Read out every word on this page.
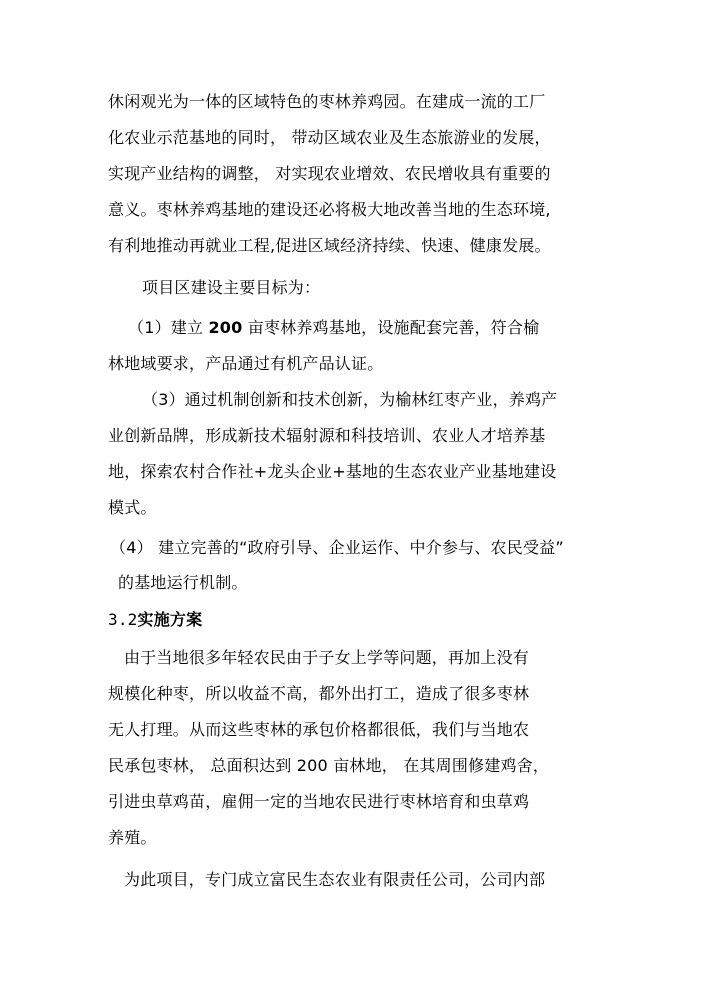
休闲观光为一体的区域特色的枣林养鸡园。在建成一流的工厂
化农业示范基地的同时， 带动区域农业及生态旅游业的发展，
实现产业结构的调整， 对实现农业增效、农民增收具有重要的
意义。枣林养鸡基地的建设还必将极大地改善当地的生态环境,
有利地推动再就业工程,促进区域经济持续、快速、健康发展。
项目区建设主要目标为：
（1）建立 200 亩枣林养鸡基地，设施配套完善，符合榆
林地域要求，产品通过有机产品认证。
（3）通过机制创新和技术创新，为榆林红枣产业，养鸡产
业创新品牌，形成新技术辐射源和科技培训、农业人才培养基
地，探索农村合作社+龙头企业+基地的生态农业产业基地建设
模式。
（4） 建立完善的“政府引导、企业运作、中介参与、农民受益”
的基地运行机制。
3.2实施方案
由于当地很多年轻农民由于子女上学等问题，再加上没有
规模化种枣，所以收益不高，都外出打工，造成了很多枣林
无人打理。从而这些枣林的承包价格都很低，我们与当地农
民承包枣林， 总面积达到 200 亩林地， 在其周围修建鸡舍，
引进虫草鸡苗，雇佣一定的当地农民进行枣林培育和虫草鸡
养殖。
为此项目，专门成立富民生态农业有限责任公司，公司内部
